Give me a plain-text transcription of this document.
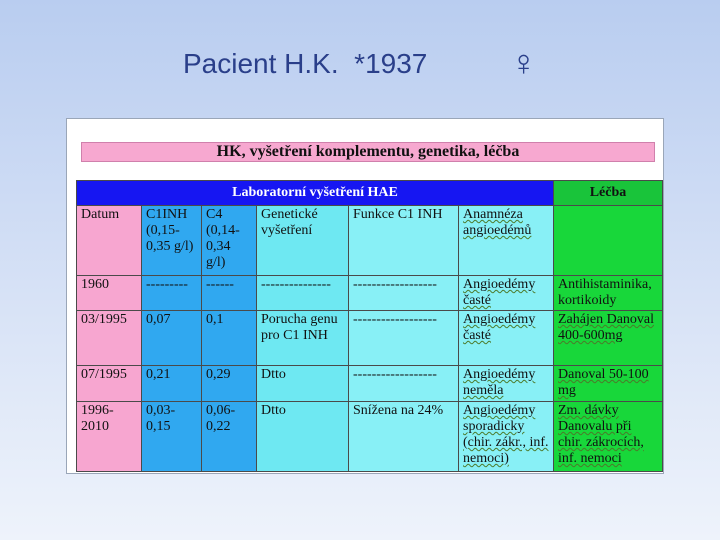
Pacient H.K.  *1937 ♀
HK, vyšetření komplementu, genetika, léčba
Laboratorní vyšetření HAE						Léčba
Datum	C1INH (0,15-0,35 g/l)	C4 (0,14-0,34 g/l)	Genetické vyšetření	Funkce C1 INH	Anamnéza angioedémů	
1960	---------	------	---------------	------------------	Angioedémy časté	Antihistaminika, kortikoidy
03/1995	0,07	0,1	Porucha genu pro C1 INH	------------------	Angioedémy časté	Zahájen Danoval 400-600mg
07/1995	0,21	0,29	Dtto	------------------	Angioedémy neměla	Danoval 50-100 mg
1996-2010	0,03-0,15	0,06-0,22	Dtto	Snížena na 24%	Angioedémy sporadicky (chir. zákr., inf. nemoci)	Zm. dávky Danovalu při chir. zákrocích, inf. nemoci
